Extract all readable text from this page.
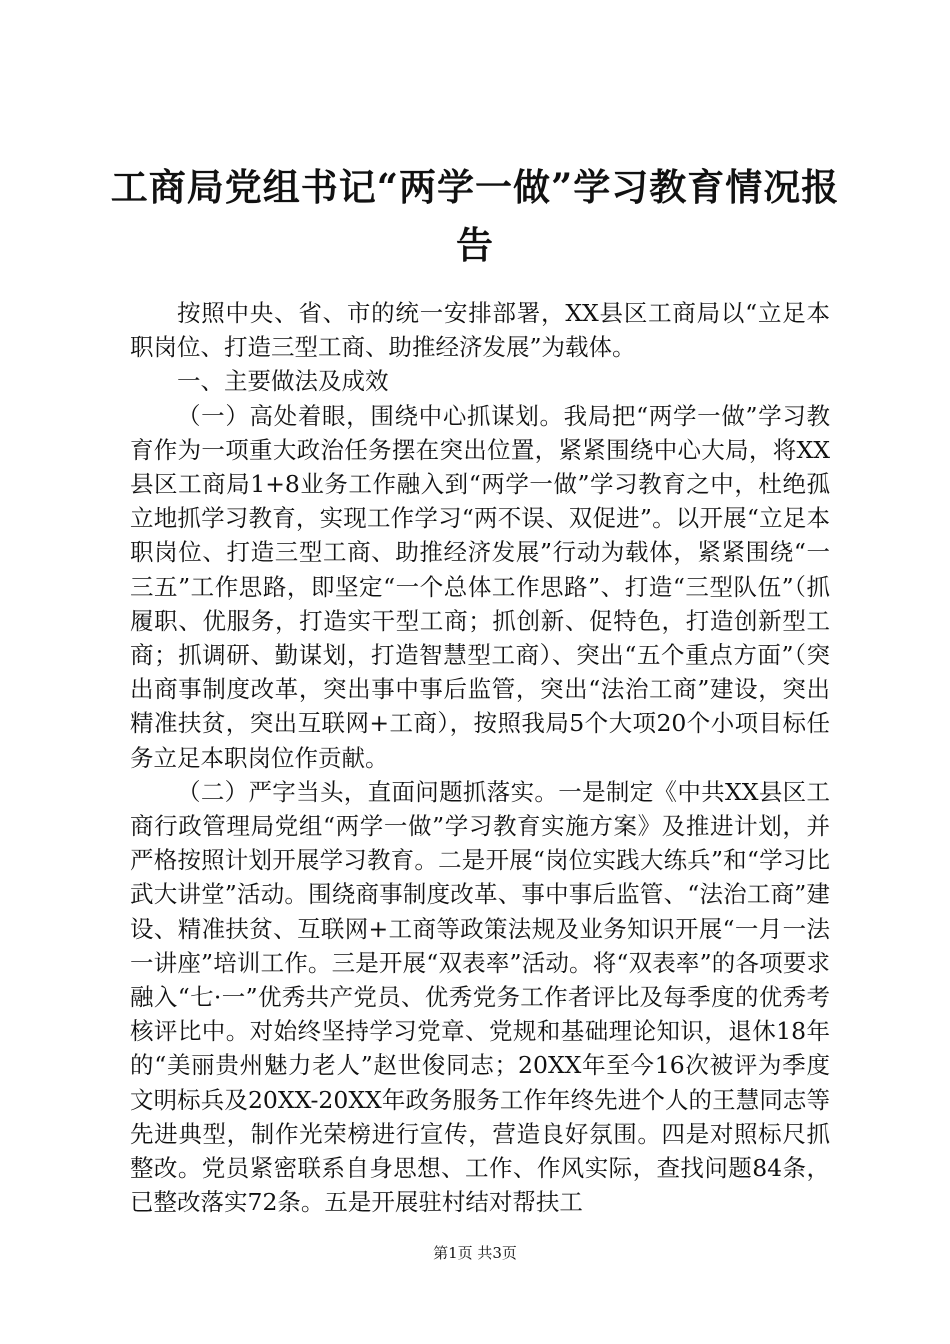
工商局党组书记“两学一做”学习教育情况报告

按照中央、省、市的统一安排部署，XX县区工商局以“立足本职岗位、打造三型工商、助推经济发展”为载体。

一、主要做法及成效

（一）高处着眼，围绕中心抓谋划。我局把“两学一做”学习教育作为一项重大政治任务摆在突出位置，紧紧围绕中心大局，将XX县区工商局1+8业务工作融入到“两学一做”学习教育之中，杜绝孤立地抓学习教育，实现工作学习“两不误、双促进”。以开展“立足本职岗位、打造三型工商、助推经济发展”行动为载体，紧紧围绕“一三五”工作思路，即坚定“一个总体工作思路”、打造“三型队伍”（抓履职、优服务，打造实干型工商；抓创新、促特色，打造创新型工商；抓调研、勤谋划，打造智慧型工商）、突出“五个重点方面”（突出商事制度改革，突出事中事后监管，突出“法治工商”建设，突出精准扶贫，突出互联网+工商），按照我局5个大项20个小项目标任务立足本职岗位作贡献。

（二）严字当头，直面问题抓落实。一是制定《中共XX县区工商行政管理局党组“两学一做”学习教育实施方案》及推进计划，并严格按照计划开展学习教育。二是开展“岗位实践大练兵”和“学习比武大讲堂”活动。围绕商事制度改革、事中事后监管、“法治工商”建设、精准扶贫、互联网+工商等政策法规及业务知识开展“一月一法一讲座”培训工作。三是开展“双表率”活动。将“双表率”的各项要求融入“七·一”优秀共产党员、优秀党务工作者评比及每季度的优秀考核评比中。对始终坚持学习党章、党规和基础理论知识，退休18年的“美丽贵州魅力老人”赵世俊同志；20XX年至今16次被评为季度文明标兵及20XX-20XX年政务服务工作年终先进个人的王慧同志等先进典型，制作光荣榜进行宣传，营造良好氛围。四是对照标尺抓整改。党员紧密联系自身思想、工作、作风实际，查找问题84条，已整改落实72条。五是开展驻村结对帮扶工

第1页 共3页
